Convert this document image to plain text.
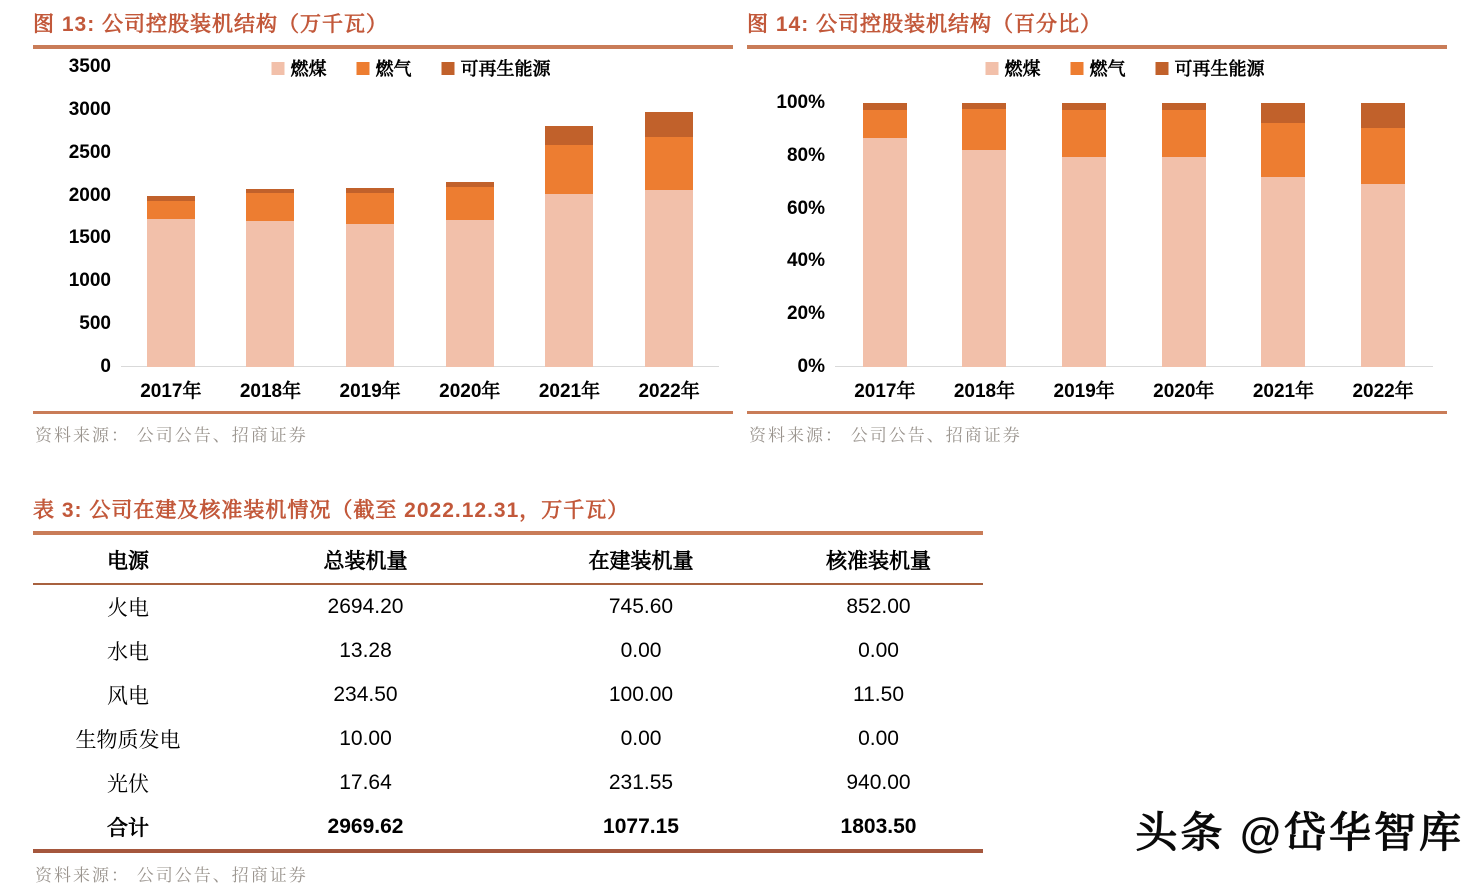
图 13: 公司控股装机结构（万千瓦）
燃煤	燃气	可再生能源
0
500
1000
1500
2000
2500
3000
3500
2017年 2018年 2019年 2020年 2021年 2022年
资料来源： 公司公告、招商证券
图 14: 公司控股装机结构（百分比）
燃煤	燃气	可再生能源
0%
20%
40%
60%
80%
100%
2017年 2018年 2019年 2020年 2021年 2022年
资料来源： 公司公告、招商证券
表 3: 公司在建及核准装机情况（截至 2022.12.31，万千瓦）
电源	总装机量	在建装机量	核准装机量
火电	2694.20	745.60	852.00
水电	13.28	0.00	0.00
风电	234.50	100.00	11.50
生物质发电	10.00	0.00	0.00
光伏	17.64	231.55	940.00
合计	2969.62	1077.15	1803.50
资料来源： 公司公告、招商证券
头条 @岱华智库
